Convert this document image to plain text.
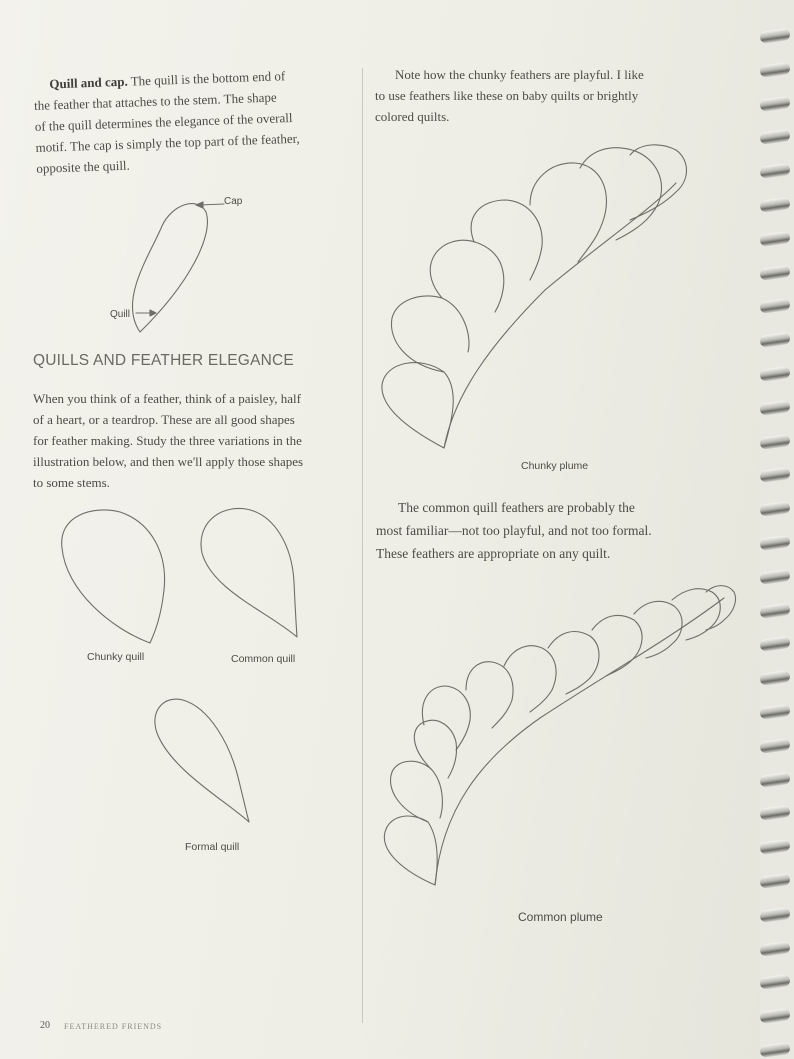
Quill and cap. The quill is the bottom end of
the feather that attaches to the stem. The shape
of the quill determines the elegance of the overall
motif. The cap is simply the top part of the feather,
opposite the quill.
Cap
Quill
QUILLS AND FEATHER ELEGANCE
When you think of a feather, think of a paisley, half
of a heart, or a teardrop. These are all good shapes
for feather making. Study the three variations in the
illustration below, and then we'll apply those shapes
to some stems.
Chunky quill	Common quill
Formal quill
Note how the chunky feathers are playful. I like
to use feathers like these on baby quilts or brightly
colored quilts.
Chunky plume
The common quill feathers are probably the
most familiar—not too playful, and not too formal.
These feathers are appropriate on any quilt.
Common plume
20 FEATHERED FRIENDS
